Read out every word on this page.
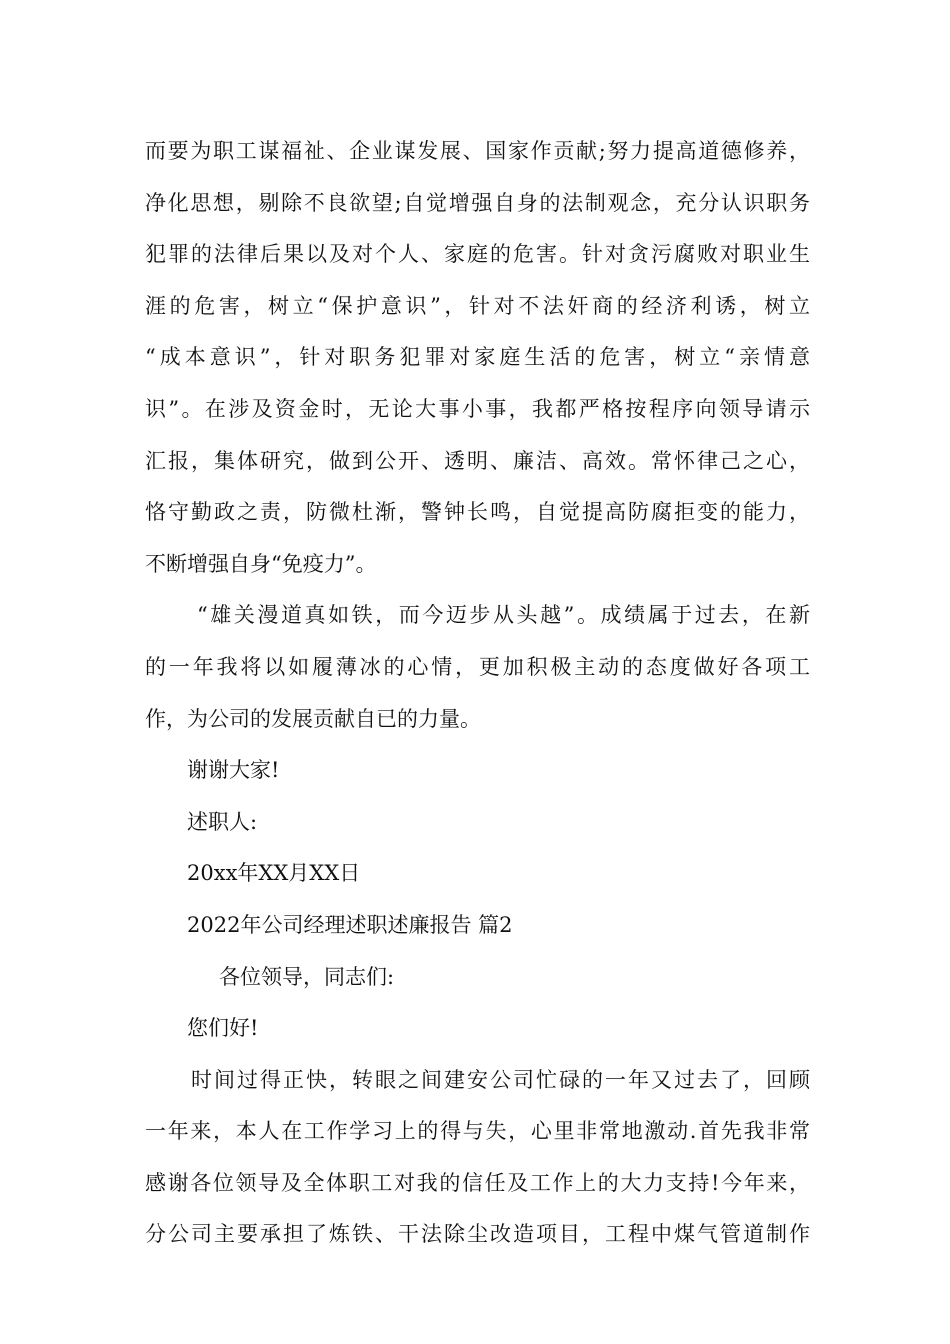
而要为职工谋福祉、企业谋发展、国家作贡献;努力提高道德修养，
净化思想，剔除不良欲望;自觉增强自身的法制观念，充分认识职务
犯罪的法律后果以及对个人、家庭的危害。针对贪污腐败对职业生
涯的危害，树立“保护意识”，针对不法奸商的经济利诱，树立
“成本意识”，针对职务犯罪对家庭生活的危害，树立“亲情意
识”。在涉及资金时，无论大事小事，我都严格按程序向领导请示
汇报，集体研究，做到公开、透明、廉洁、高效。常怀律己之心，
恪守勤政之责，防微杜渐，警钟长鸣，自觉提高防腐拒变的能力，
不断增强自身“免疫力”。
“雄关漫道真如铁，而今迈步从头越”。成绩属于过去，在新
的一年我将以如履薄冰的心情，更加积极主动的态度做好各项工
作，为公司的发展贡献自已的力量。
谢谢大家!
述职人:
20xx年XX月XX日
2022年公司经理述职述廉报告 篇2
各位领导，同志们:
您们好!
时间过得正快，转眼之间建安公司忙碌的一年又过去了，回顾
一年来，本人在工作学习上的得与失，心里非常地激动.首先我非常
感谢各位领导及全体职工对我的信任及工作上的大力支持!今年来，
分公司主要承担了炼铁、干法除尘改造项目，工程中煤气管道制作
